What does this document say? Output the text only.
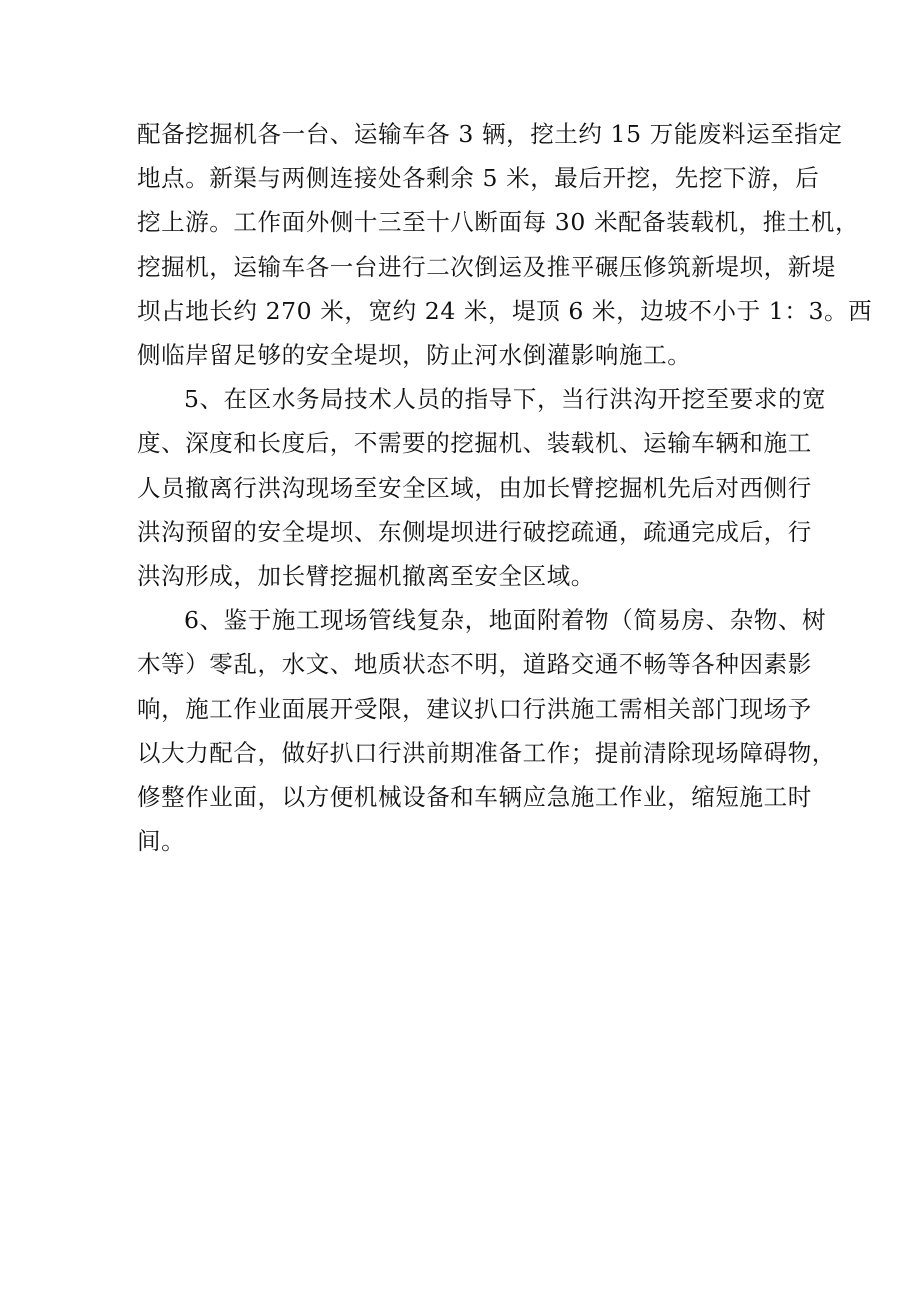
配备挖掘机各一台、运输车各 3 辆，挖土约 15 万能废料运至指定
地点。新渠与两侧连接处各剩余 5 米，最后开挖，先挖下游，后
挖上游。工作面外侧十三至十八断面每 30 米配备装载机，推土机，
挖掘机，运输车各一台进行二次倒运及推平碾压修筑新堤坝，新堤
坝占地长约 270 米，宽约 24 米，堤顶 6 米，边坡不小于 1：3。西
侧临岸留足够的安全堤坝，防止河水倒灌影响施工。

5、在区水务局技术人员的指导下，当行洪沟开挖至要求的宽
度、深度和长度后，不需要的挖掘机、装载机、运输车辆和施工
人员撤离行洪沟现场至安全区域，由加长臂挖掘机先后对西侧行
洪沟预留的安全堤坝、东侧堤坝进行破挖疏通，疏通完成后，行
洪沟形成，加长臂挖掘机撤离至安全区域。

6、鉴于施工现场管线复杂，地面附着物（简易房、杂物、树
木等）零乱，水文、地质状态不明，道路交通不畅等各种因素影
响，施工作业面展开受限，建议扒口行洪施工需相关部门现场予
以大力配合，做好扒口行洪前期准备工作；提前清除现场障碍物，
修整作业面，以方便机械设备和车辆应急施工作业，缩短施工时
间。
